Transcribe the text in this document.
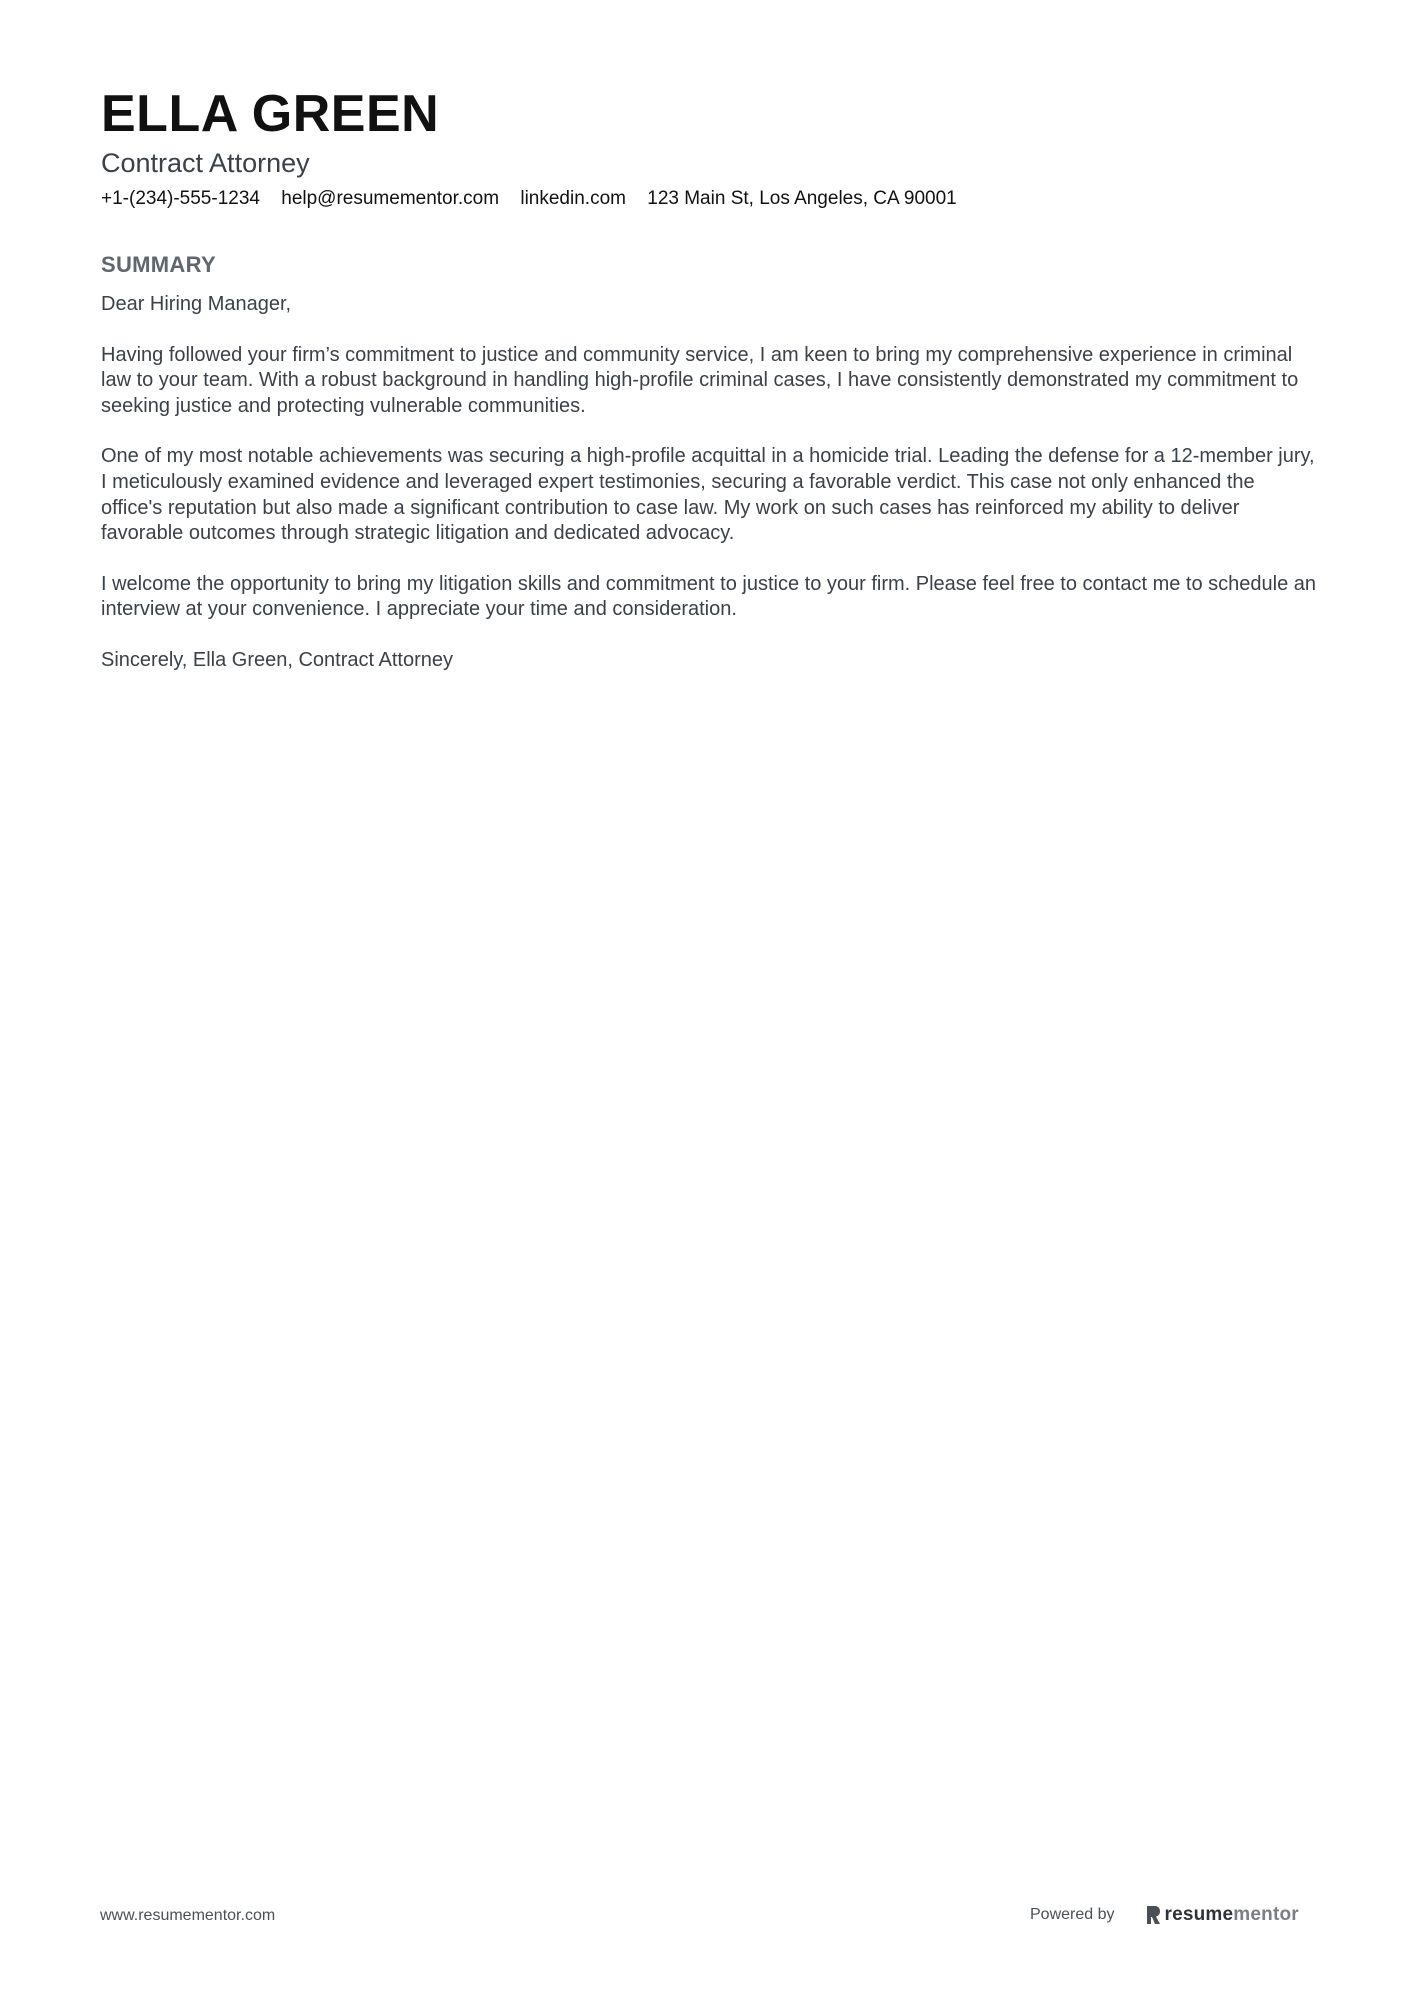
ELLA GREEN
Contract Attorney
+1-(234)-555-1234 help@resumementor.com linkedin.com 123 Main St, Los Angeles, CA 90001
SUMMARY

Dear Hiring Manager,

Having followed your firm’s commitment to justice and community service, I am keen to bring my comprehensive experience in criminal law to your team. With a robust background in handling high-profile criminal cases, I have consistently demonstrated my commitment to seeking justice and protecting vulnerable communities.

One of my most notable achievements was securing a high-profile acquittal in a homicide trial. Leading the defense for a 12-member jury, I meticulously examined evidence and leveraged expert testimonies, securing a favorable verdict. This case not only enhanced the office's reputation but also made a significant contribution to case law. My work on such cases has reinforced my ability to deliver favorable outcomes through strategic litigation and dedicated advocacy.

I welcome the opportunity to bring my litigation skills and commitment to justice to your firm. Please feel free to contact me to schedule an interview at your convenience. I appreciate your time and consideration.

Sincerely, Ella Green, Contract Attorney

www.resumementor.com	Powered by	resumementor
